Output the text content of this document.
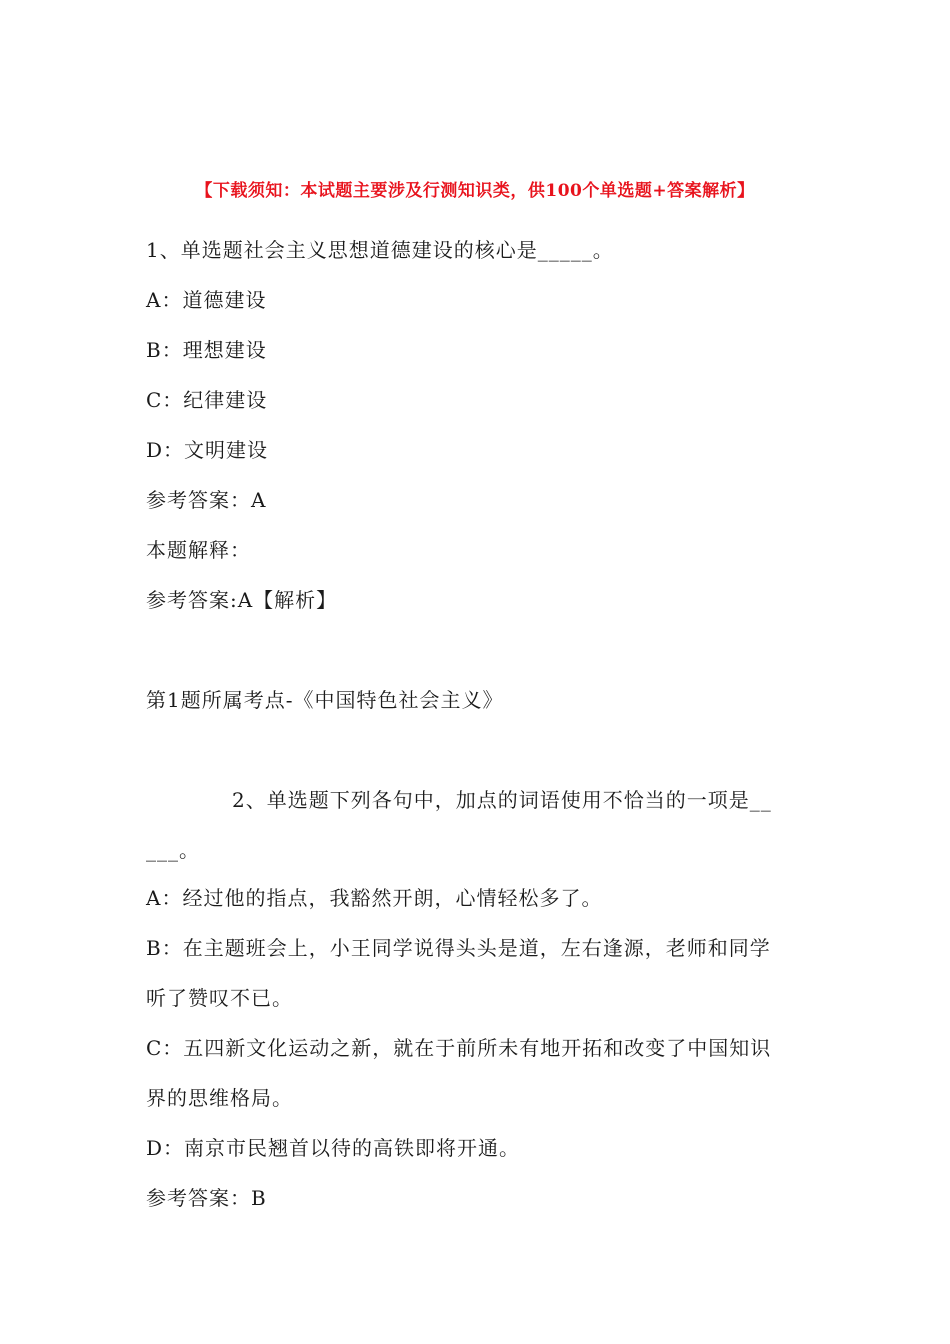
【下载须知：本试题主要涉及行测知识类，供100个单选题+答案解析】
1、单选题社会主义思想道德建设的核心是_____。
A：道德建设
B：理想建设
C：纪律建设
D：文明建设
参考答案：A
本题解释：
参考答案:A【解析】
第1题所属考点-《中国特色社会主义》
2、单选题下列各句中，加点的词语使用不恰当的一项是__
___。
A：经过他的指点，我豁然开朗，心情轻松多了。
B：在主题班会上，小王同学说得头头是道，左右逢源，老师和同学
听了赞叹不已。
C：五四新文化运动之新，就在于前所未有地开拓和改变了中国知识
界的思维格局。
D：南京市民翘首以待的高铁即将开通。
参考答案：B
